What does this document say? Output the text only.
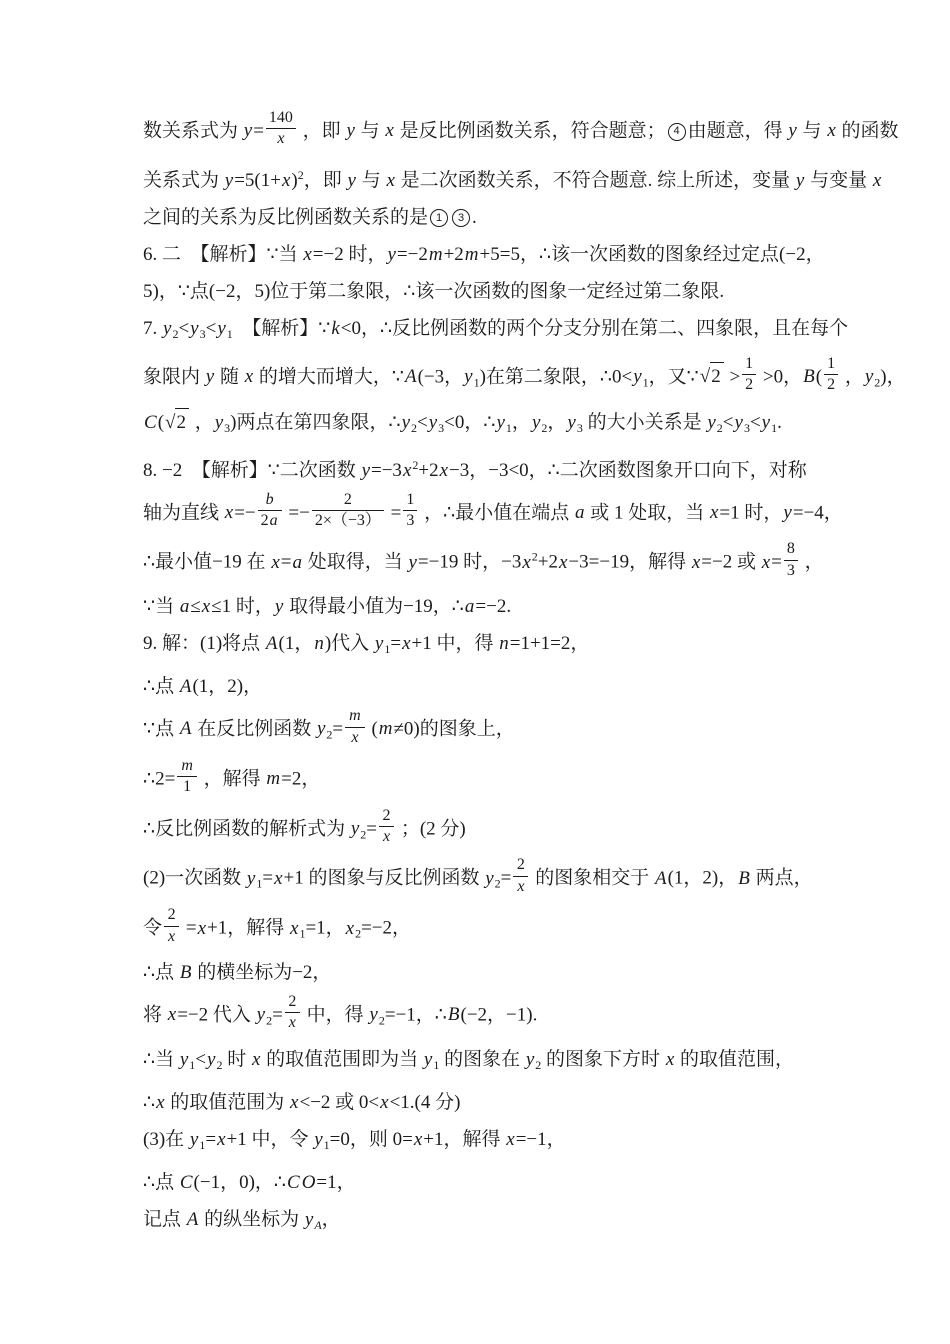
数关系式为 $y= \frac{140}{x}$ ，即 y 与 x 是反比例函数关系，符合题意； 4 由题意，得 y 与 x 的函数
关系式为 $y=5(1+x)^2$，即 y 与 x 是二次函数关系，不符合题意. 综上所述，变量 y 与变量 x
之间的关系为反比例函数关系的是 1 3 .
6. 二　【解析】∵当 x=−2 时，y=−2m+2m+5=5，∴该一次函数的图象经过定点(−2，
5)，∵点(−2，5)位于第二象限，∴该一次函数的图象一定经过第二象限.
7. $y_2<y_3<y_1$　【解析】∵k<0，∴反比例函数的两个分支分别在第二、四象限，且在每个
象限内 y 随 x 的增大而增大，∵A(−3，$y_1$)在第二象限，$\therefore 0<y_1$，又∵√2 > $\frac{1}{2} >0$，$B( \frac{1}{2}$ ，$y_2$)，
C(√2 ，$y_3$)两点在第四象限，$\therefore y_2<y_3<0$，$\therefore y_1$，$y_2$，$y_3$ 的大小关系是 $y_2<y_3<y_1$.
8. −2　【解析】∵二次函数 $y=-3x^2+2x-3$，−3<0，∴二次函数图象开口向下，对称
轴为直线 $x=- \frac{b}{2a} =- \frac{2}{2\times(-3)} = \frac{1}{3}$ ，∴最小值在端点 a 或 1 处取，当 x=1 时，y=−4，
∴最小值−19 在 x=a 处取得，当 y=−19 时，$-3x^2+2x-3=-19$，解得 x=−2 或 $x= \frac{8}{3}$ ，
∵当 a≤x≤1 时，y 取得最小值为−19，∴a=−2.
9. 解：(1)将点 A(1，n)代入 $y_1=x+1$ 中，得 n=1+1=2，
∴点 A(1，2)，
∵点 A 在反比例函数 $y_2= \frac{m}{x} (m\ne 0)$的图象上，
∴2= $\frac{m}{1}$ ，解得 m=2，
∴反比例函数的解析式为 $y_2= \frac{2}{x}$ ；(2 分)
(2)一次函数 $y_1=x+1$ 的图象与反比例函数 $y_2= \frac{2}{x}$ 的图象相交于 A(1，2)，B 两点，
令 $\frac{2}{x} =x+1$，解得 $x_1=1$，$x_2=-2$，
∴点 B 的横坐标为−2，
将 x=−2 代入 $y_2= \frac{2}{x}$ 中，得 $y_2=-1$，∴B(−2，−1).
∴当 $y_1<y_2$ 时 x 的取值范围即为当 $y_1$ 的图象在 $y_2$ 的图象下方时 x 的取值范围，
∴x 的取值范围为 x<−2 或 0<x<1.(4 分)
(3)在 $y_1=x+1$ 中，令 $y_1=0$，则 0=x+1，解得 x=−1，
∴点 C(−1，0)，∴C O=1，
记点 A 的纵坐标为 $y_A$，
